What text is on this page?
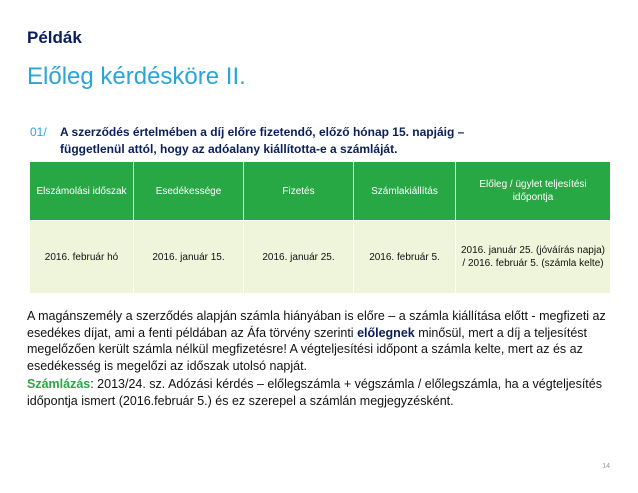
Példák
Előleg kérdésköre II.
01/ A szerződés értelmében a díj előre fizetendő, előző hónap 15. napjáig –
függetlenül attól, hogy az adóalany kiállította-e a számláját.
Elszámolási időszak	Esedékessége	Fizetés	Számlakiállítás	Előleg / ügylet teljesítési időpontja
2016. február hó	2016. január 15.	2016. január 25.	2016. február 5.	2016. január 25. (jóváírás napja) / 2016. február 5. (számla kelte)

A magánszemély a szerződés alapján számla hiányában is előre – a számla kiállítása előtt - megfizeti az esedékes díjat, ami a fenti példában az Áfa törvény szerinti előlegnek minősül, mert a díj a teljesítést megelőzően került számla nélkül megfizetésre! A végteljesítési időpont a számla kelte, mert az és az esedékesség is megelőzi az időszak utolsó napját.

Számlázás: 2013/24. sz. Adózási kérdés – előlegszámla + végszámla / előlegszámla, ha a végteljesítés időpontja ismert (2016.február 5.) és ez szerepel a számlán megjegyzésként.

14
